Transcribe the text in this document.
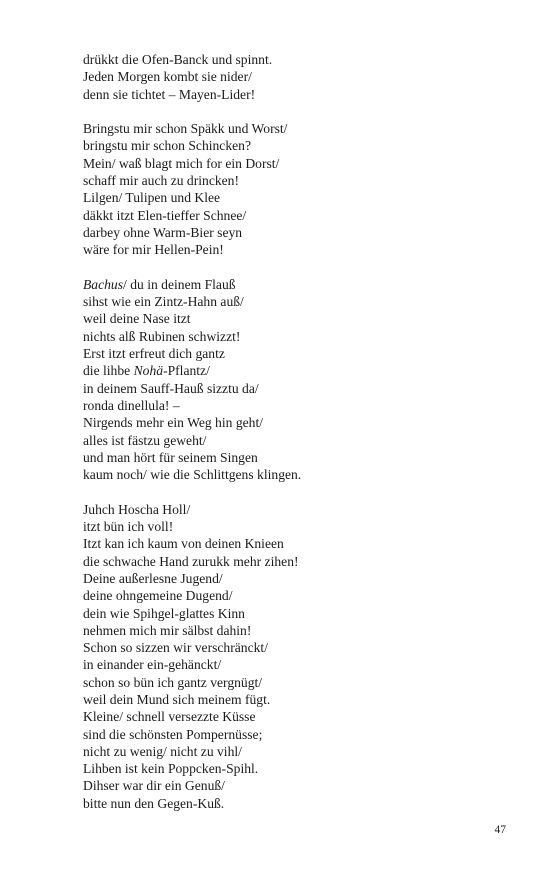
drükkt die Ofen-Banck und spinnt.
Jeden Morgen kombt sie nider/
denn sie tichtet – Mayen-Lider!
Bringstu mir schon Späkk und Worst/
bringstu mir schon Schincken?
Mein/ waß blagt mich for ein Dorst/
schaff mir auch zu drincken!
Lilgen/ Tulipen und Klee
däkkt itzt Elen-tieffer Schnee/
darbey ohne Warm-Bier seyn
wäre for mir Hellen-Pein!
Bachus/ du in deinem Flauß
sihst wie ein Zintz-Hahn auß/
weil deine Nase itzt
nichts alß Rubinen schwizzt!
Erst itzt erfreut dich gantz
die lihbe Nohä-Pflantz/
in deinem Sauff-Hauß sizztu da/
ronda dinellula! –
Nirgends mehr ein Weg hin geht/
alles ist fästzu geweht/
und man hört für seinem Singen
kaum noch/ wie die Schlittgens klingen.
Juhch Hoscha Holl/
itzt bün ich voll!
Itzt kan ich kaum von deinen Knieen
die schwache Hand zurukk mehr zihen!
Deine außerlesne Jugend/
deine ohngemeine Dugend/
dein wie Spihgel-glattes Kinn
nehmen mich mir sälbst dahin!
Schon so sizzen wir verschränckt/
in einander ein-gehänckt/
schon so bün ich gantz vergnügt/
weil dein Mund sich meinem fügt.
Kleine/ schnell versezzte Küsse
sind die schönsten Pompernüsse;
nicht zu wenig/ nicht zu vihl/
Lihben ist kein Poppcken-Spihl.
Dihser war dir ein Genuß/
bitte nun den Gegen-Kuß.
47
